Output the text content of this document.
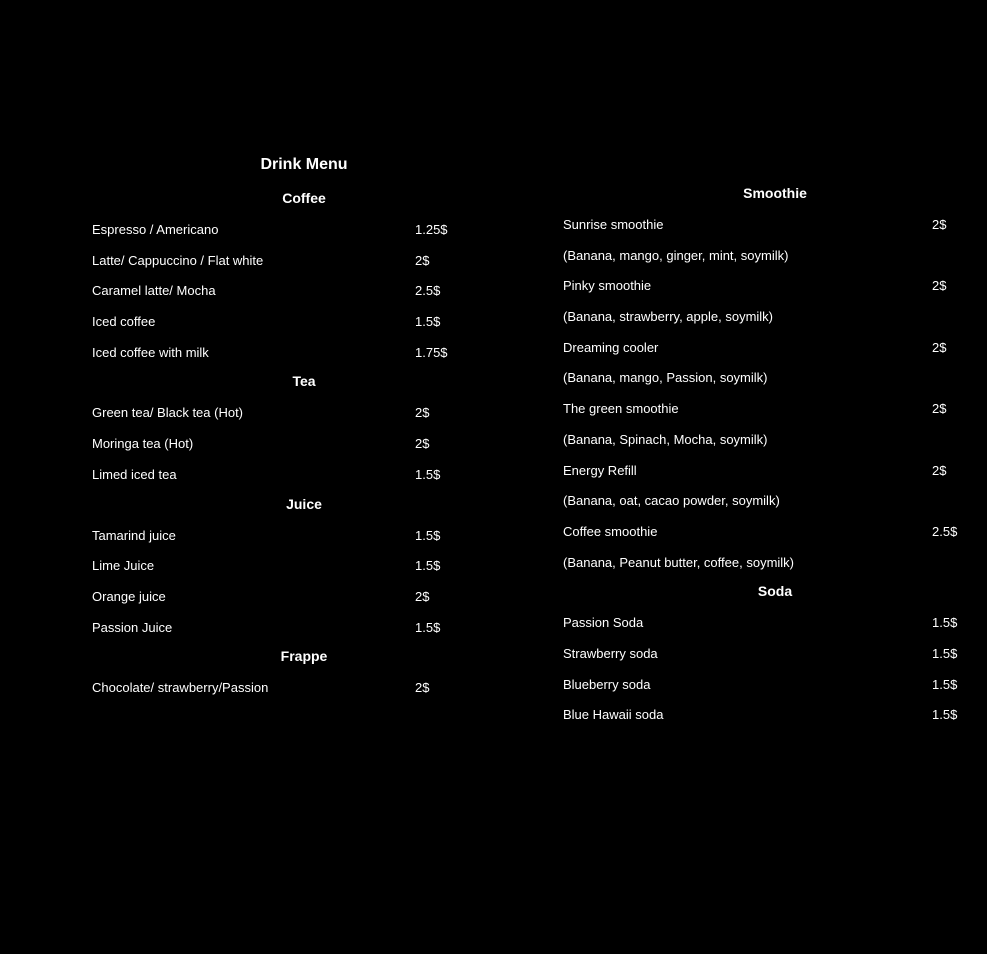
Drink Menu
Coffee
Espresso / Americano	1.25$
Latte/ Cappuccino / Flat white	2$
Caramel latte/ Mocha	2.5$
Iced coffee	1.5$
Iced coffee with milk	1.75$
Tea
Green tea/ Black tea (Hot)	2$
Moringa tea (Hot)	2$
Limed iced tea	1.5$
Juice
Tamarind juice	1.5$
Lime Juice	1.5$
Orange juice	2$
Passion Juice	1.5$
Frappe
Chocolate/ strawberry/Passion	2$
Smoothie
Sunrise smoothie	2$
(Banana, mango, ginger, mint, soymilk)
Pinky smoothie	2$
(Banana, strawberry, apple, soymilk)
Dreaming cooler	2$
(Banana, mango, Passion, soymilk)
The green smoothie	2$
(Banana, Spinach, Mocha, soymilk)
Energy Refill	2$
(Banana, oat, cacao powder, soymilk)
Coffee smoothie	2.5$
(Banana, Peanut butter, coffee, soymilk)
Soda
Passion Soda	1.5$
Strawberry soda	1.5$
Blueberry soda	1.5$
Blue Hawaii soda	1.5$
